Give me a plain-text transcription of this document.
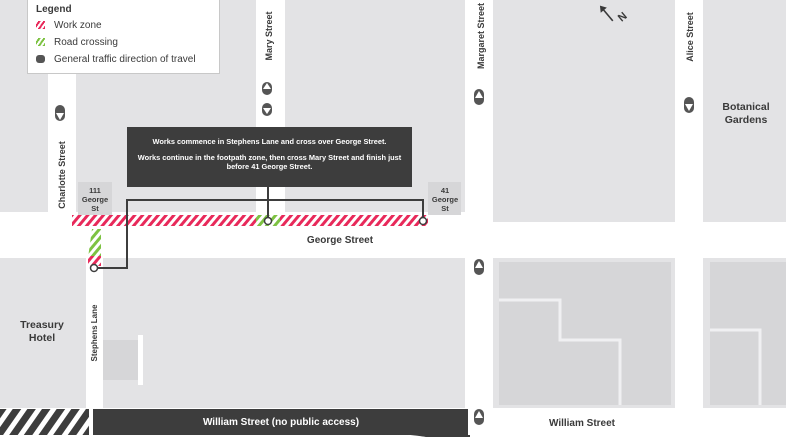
N
George Street
Mary Street
Charlotte Street
Margaret Street	Alice Street
Stephens Lane
William Street (no public access)	William Street
Botanical
Gardens
Treasury
Hotel
111
George
St
41
George
St
Legend
Work zone
Road crossing
General traffic direction of travel

Works commence in Stephens Lane and cross over George Street.

Works continue in the footpath zone, then cross Mary Street and finish just before 41 George Street.
